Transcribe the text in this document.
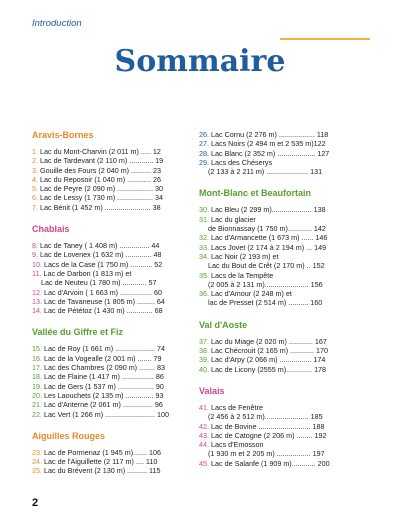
Introduction
Sommaire
Aravis-Bornes
1. Lac du Mont-Charvin (2 011 m) ..... 12
2. Lac de Tardevant (2 110 m) ............ 19
3. Gouille des Fours (2 040 m) .......... 23
4. Lac du Reposoir (1 040 m) ............ 26
5. Lac de Peyre (2 090 m) .................. 30
6. Lac de Lessy (1 730 m) .................. 34
7. Lac Bénit (1 452 m) ....................... 38
Chablais
8. Lac de Taney ( 1 408 m) ............... 44
9. Lac de Lovenex (1 632 m) ............. 48
10. Lacs de la Case (1 750 m) ........... 52
11. Lac de Darbon (1 813 m) et
Lac de Neuteu (1 780 m) ............ 57
12. Lac d'Arvoin ( 1 663 m) ................ 60
13. Lac de Tavaneuse (1 805 m) ......... 64
14. Lac de Pététoz (1 430 m) ............. 68
Vallée du Giffre et Fiz
15. Lac de Roy (1 661 m) .................... 74
16. Lac de la Vogealle (2 001 m) ....... 79
17. Lac des Chambres (2 090 m) ........ 83
18. Lac de Flaine (1 417 m) ................ 86
19. Lac de Gers (1 537 m) .................. 90
20. Les Laouchets (2 135 m) .............. 93
21. Lac d'Anterne (2 061 m) ............... 96
22. Lac Vert (1 266 m) ......................... 100
Aiguilles Rouges
23. Lac de Pormenaz (1 945 m)....... 106
24. Lac de l'Aiguillette (2 117 m) .... 110
25. Lac du Brévent (2 130 m) .......... 115
26. Lac Cornu (2 276 m) .................. 118
27. Lacs Noirs (2 494 m et 2 535 m)122
28. Lac Blanc (2 352 m) ................... 127
29. Lacs des Chéserys
(2 133 à 2 211 m) ..................... 131
Mont-Blanc et Beaufortain
30. Lac Bleu (2 299 m).................... 138
31. Lac du glacier
de Bionnassay (1 750 m)............ 142
32. Lac d'Armancette (1 673 m) ...... 146
33. Lacs Jovet (2 174 à 2 194 m) ... 149
34. Lac Noir (2 193 m) et
Lac du Bout de Crêt (2 170 m) .. 152
35. Lacs de la Tempête
(2 005 à 2 131 m)...................... 156
36. Lac d'Amour (2 248 m) et
lac de Presset (2 514 m) .......... 160
Val d'Aoste
37. Lac du Miage (2 020 m) ............ 167
38. Lac Chécrouit (2 165 m) ............ 170
39. Lac d'Arpy (2 066 m) ................ 174
40. Lac de Licony (2555 m)............. 178
Valais
41. Lacs de Fenêtre
(2 456 à 2 512 m)...................... 185
42. Lac de Bovine .......................... 188
43. Lac de Catogne (2 206 m) ........ 192
44. Lacs d'Emosson
(1 930 m et 2 205 m) ................. 197
45. Lac de Salanfe (1 909 m)............ 200
2
